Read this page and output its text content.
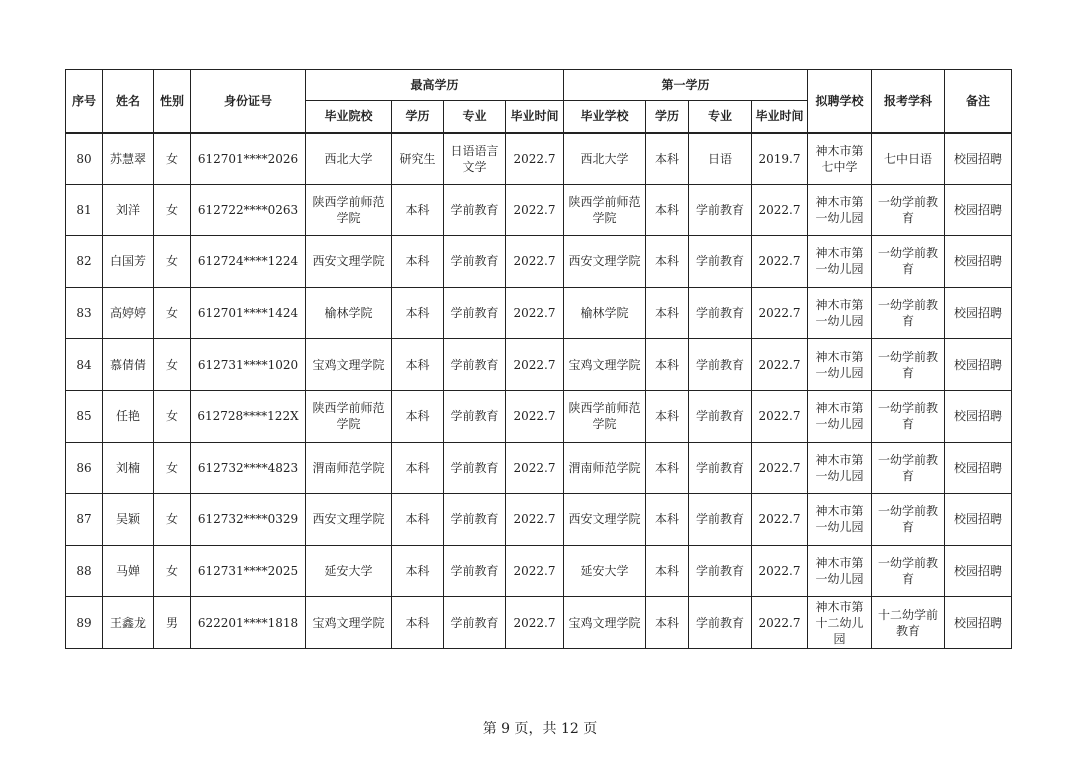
序号	姓名	性别	身份证号	最高学历				第一学历				拟聘学校	报考学科	备注
				毕业院校	学历	专业	毕业时间	毕业学校	学历	专业	毕业时间			
80	苏慧翠	女	612701****2026	西北大学	研究生	日语语言文学	2022.7	西北大学	本科	日语	2019.7	神木市第七中学	七中日语	校园招聘
81	刘洋	女	612722****0263	陕西学前师范学院	本科	学前教育	2022.7	陕西学前师范学院	本科	学前教育	2022.7	神木市第一幼儿园	一幼学前教育	校园招聘
82	白国芳	女	612724****1224	西安文理学院	本科	学前教育	2022.7	西安文理学院	本科	学前教育	2022.7	神木市第一幼儿园	一幼学前教育	校园招聘
83	高婷婷	女	612701****1424	榆林学院	本科	学前教育	2022.7	榆林学院	本科	学前教育	2022.7	神木市第一幼儿园	一幼学前教育	校园招聘
84	慕倩倩	女	612731****1020	宝鸡文理学院	本科	学前教育	2022.7	宝鸡文理学院	本科	学前教育	2022.7	神木市第一幼儿园	一幼学前教育	校园招聘
85	任艳	女	612728****122X	陕西学前师范学院	本科	学前教育	2022.7	陕西学前师范学院	本科	学前教育	2022.7	神木市第一幼儿园	一幼学前教育	校园招聘
86	刘楠	女	612732****4823	渭南师范学院	本科	学前教育	2022.7	渭南师范学院	本科	学前教育	2022.7	神木市第一幼儿园	一幼学前教育	校园招聘
87	吴颖	女	612732****0329	西安文理学院	本科	学前教育	2022.7	西安文理学院	本科	学前教育	2022.7	神木市第一幼儿园	一幼学前教育	校园招聘
88	马婵	女	612731****2025	延安大学	本科	学前教育	2022.7	延安大学	本科	学前教育	2022.7	神木市第一幼儿园	一幼学前教育	校园招聘
89	王鑫龙	男	622201****1818	宝鸡文理学院	本科	学前教育	2022.7	宝鸡文理学院	本科	学前教育	2022.7	神木市第十二幼儿园	十二幼学前教育	校园招聘
第 9 页，共 12 页
